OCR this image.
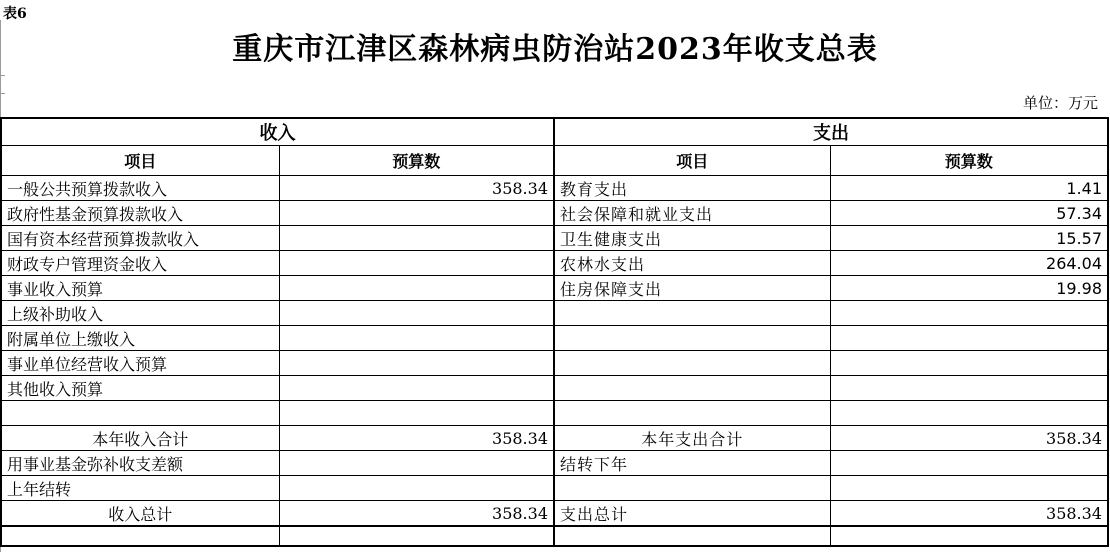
表6
重庆市江津区森林病虫防治站2023年收支总表
单位：万元
收入		支出	
项目	预算数	项目	预算数
一般公共预算拨款收入	358.34	教育支出	1.41
政府性基金预算拨款收入		社会保障和就业支出	57.34
国有资本经营预算拨款收入		卫生健康支出	15.57
财政专户管理资金收入		农林水支出	264.04
事业收入预算		住房保障支出	19.98
上级补助收入			
附属单位上缴收入			
事业单位经营收入预算			
其他收入预算			

本年收入合计	358.34	本年支出合计	358.34
用事业基金弥补收支差额		结转下年	
上年结转			
收入总计	358.34	支出总计	358.34
